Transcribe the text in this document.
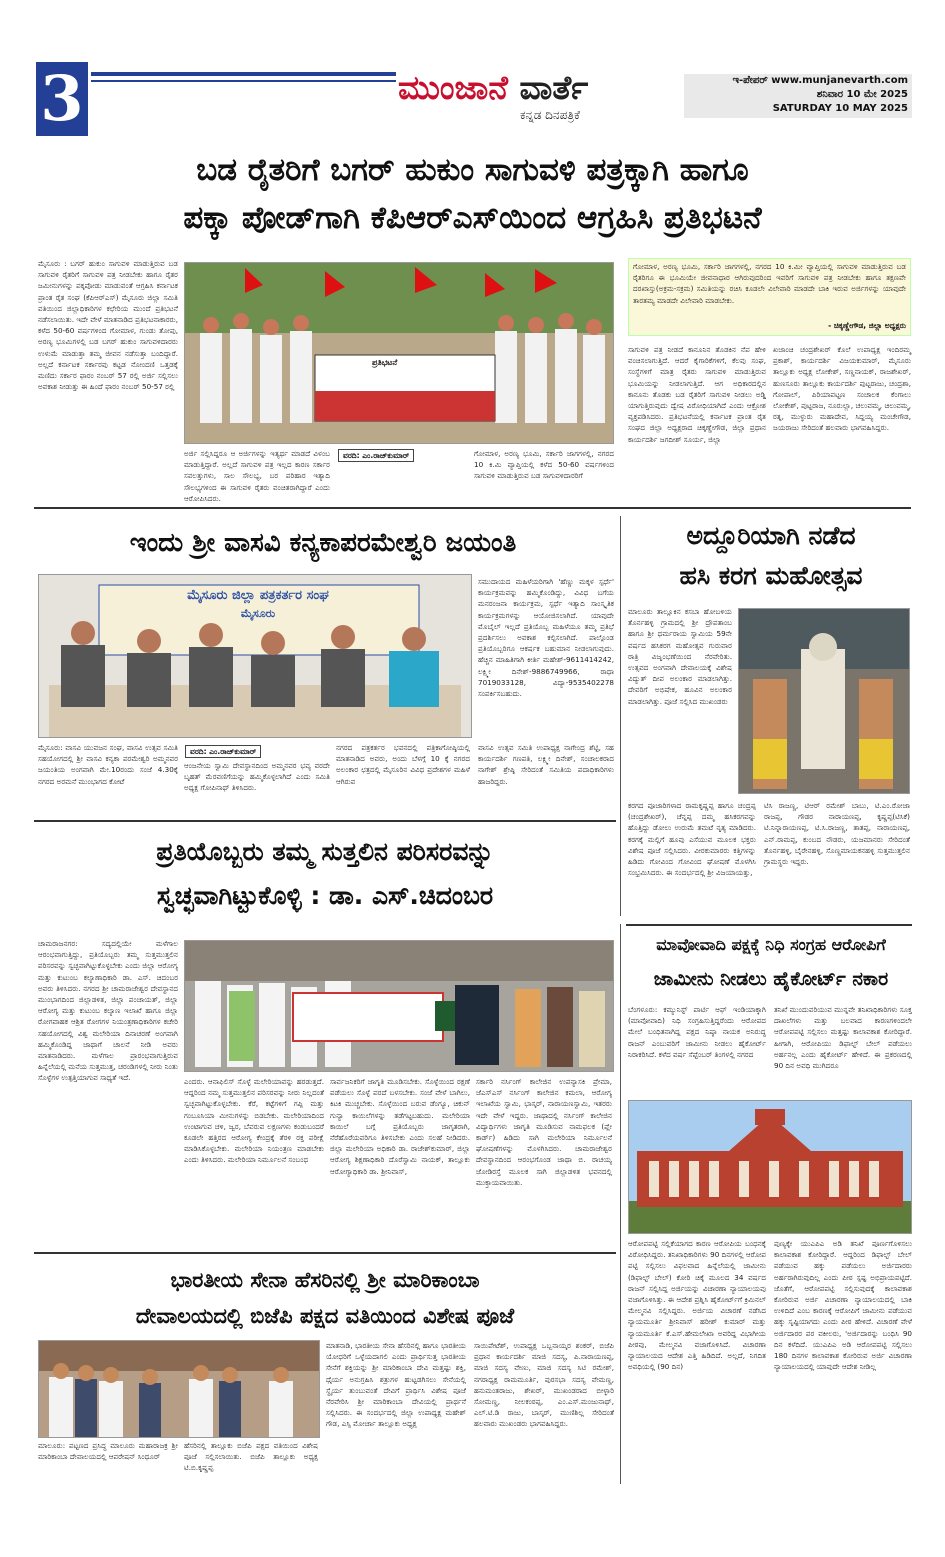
3	ಮುಂಜಾನೆ ವಾರ್ತೆ
ಕನ್ನಡ ದಿನಪತ್ರಿಕೆ
ಇ-ಪೇಪರ್ www.munjanevarth.com
ಶನಿವಾರ 10 ಮೇ 2025
SATURDAY 10 MAY 2025
ಬಡ ರೈತರಿಗೆ ಬಗರ್ ಹುಕುಂ ಸಾಗುವಳಿ ಪತ್ರಕ್ಕಾಗಿ ಹಾಗೂ
ಪಕ್ಕಾ ಪೋಡ್‌ಗಾಗಿ ಕೆಪಿಆರ್‌ಎಸ್‌ಯಿಂದ ಆಗ್ರಹಿಸಿ ಪ್ರತಿಭಟನೆ
ಮೈಸೂರು : ಬಗರ್ ಹುಕುಂ ಸಾಗುವಳಿ ಮಾಡುತ್ತಿರುವ ಬಡ ಸಾಗುವಳಿ ರೈತರಿಗೆ ಸಾಗುವಳಿ ಪತ್ರ ನೀಡಬೇಕು ಹಾಗೂ ರೈತರ ಜಮೀನುಗಳನ್ನು ಪಕ್ಕಪೋಡು ಮಾಡುವಂತೆ ಆಗ್ರಹಿಸಿ ಕರ್ನಾಟಕ ಪ್ರಾಂತ ರೈತ ಸಂಘ (ಕೆಪಿಆರ್‌ಎಸ್) ಮೈಸೂರು ಜಿಲ್ಲಾ ಸಮಿತಿ ವತಿಯಿಂದ ಜಿಲ್ಲಾಧಿಕಾರಿಗಳ ಕಛೇರಿಯ ಮುಂದೆ ಪ್ರತಿಭಟನೆ ನಡೆಸಲಾಯಿತು. ಇದೇ ವೇಳೆ ಮಾತನಾಡಿದ ಪ್ರತಿಭಟನಾಕಾರರು, ಕಳೆದ 50-60 ವರ್ಷಗಳಿಂದ ಗೋಮಾಳ, ಗುಂಡು ತೋಪು, ಅರಣ್ಯ ಭೂಮಿಗಳಲ್ಲಿ ಬಡ ಬಗರ್ ಹುಕುಂ ಸಾಗುವಳಿದಾರರು ಉಳುಮೆ ಮಾಡುತ್ತಾ ತಮ್ಮ ಜೀವನ ನಡೆಸುತ್ತಾ ಬಂದಿದ್ದಾರೆ. ಅಲ್ಲದೆ ಕರ್ನಾಟಕ ಸರ್ಕಾರವು ಕಟ್ಟಡ ನೋಂದಣಿ ಒತ್ತಡಕ್ಕೆ ಮಣಿದು ಸರ್ಕಾರ ಫಾರಂ ನಂಬರ್ 57 ರಲ್ಲಿ ಅರ್ಜಿ ಸಲ್ಲಿಸಲು ಅವಕಾಶ ನೀಡುತ್ತು ಈ ಹಿಂದೆ ಫಾರಂ ನಂಬರ್ 50-57 ರಲ್ಲಿ
ಪ್ರತಿಭಟನೆ
ವರದಿ: ಎಂ.ರಾಜ್‌ಕುಮಾರ್
ಅರ್ಜಿ ಸಲ್ಲಿಸಿದ್ದರೂ ಆ ಅರ್ಜಿಗಳನ್ನು ಇತ್ಯರ್ಥ ಮಾಡದೆ ವಿಳಂಬ ಮಾಡುತ್ತಿದ್ದಾರೆ. ಅಲ್ಲದೆ ಸಾಗುವಳಿ ಪತ್ರ ಇಲ್ಲದ ಕಾರಣ ಸರ್ಕಾರ ಸವಲತ್ತುಗಳು, ಸಾಲ ಸೌಲಭ್ಯ, ಬರ ಪರಿಹಾರ ಇತ್ಯಾದಿ ಸೌಲಭ್ಯಗಳಿಂದ ಈ ಸಾಗುವಳಿ ರೈತರು ವಂಚಿತರಾಗಿದ್ದಾರೆ ಎಂದು ಆರೋಪಿಸಿದರು.
ಗೋಮಾಳ, ಅರಣ್ಯ ಭೂಮಿ, ಸರ್ಕಾರಿ ಜಾಗಗಳಲ್ಲಿ, ನಗರದ 10 ಕಿ.ಮಿ ವ್ಯಾಪ್ತಿಯಲ್ಲಿ ಕಳೆದ 50-60 ವರ್ಷಗಳಿಂದ ಸಾಗುವಳಿ ಮಾಡುತ್ತಿರುವ ಬಡ ಸಾಗುವಳಿದಾರರಿಗೆ
ಗೋಮಾಳ, ಅರಣ್ಯ ಭೂಮಿ, ಸರ್ಕಾರಿ ಜಾಗಗಳಲ್ಲಿ, ನಗರದ 10 ಕಿ.ಮೀ ವ್ಯಾಪ್ತಿಯಲ್ಲಿ ಸಾಗುವಳಿ ಮಾಡುತ್ತಿರುವ ಬಡ ರೈತರಿಗೂ ಈ ಭೂಮಿಯೇ ಜೀವನಾಧಾರ ಆಗಿರುವುದರಿಂದ ಇವರಿಗೆ ಸಾಗುವಳಿ ಪತ್ರ ನೀಡಬೇಕು ಹಾಗೂ ತಕ್ಷಣವೇ ದರಖಾಸ್ತು(ಅಕ್ರಮ-ಸಕ್ರಮ) ಸಮಿತಿಯನ್ನು ರಚಿಸಿ ಕೂಡಲೇ ವಿಲೇವಾರಿ ಮಾಡದೇ ಬಾಕಿ ಇರುವ ಅರ್ಜಿಗಳನ್ನು ಯಾವುದೇ ತಾರತಮ್ಯ ಮಾಡದೇ ವಿಲೇವಾರಿ ಮಾಡಬೇಕು.
- ಚಿಕ್ಕಣ್ಣೇಗೌಡ, ಜಿಲ್ಲಾ ಅಧ್ಯಕ್ಷರು
ಸಾಗುವಳಿ ಪತ್ರ ನೀಡದೆ ಕಾನೂನಿನ ತೊಡಕಿನ ನೆಪ ಹೇಳಿ ವಂಚಿಸಲಾಗುತ್ತಿದೆ. ಆದರೆ ಕೈಗಾರಿಕೆಗಳಿಗೆ, ಕೆಲವು ಸಂಘ, ಸಂಸ್ಥೆಗಳಿಗೆ ಮಾತ್ರ ರೈತರು ಸಾಗುವಳಿ ಮಾಡುತ್ತಿರುವ ಭೂಮಿಯನ್ನು ನೀಡಲಾಗುತ್ತಿದೆ. ಆಗ ಅಧಿಕಾರದಲ್ಲಿನ ಕಾನೂನು ತೊಡಕು ಬಡ ರೈತರಿಗೆ ಸಾಗುವಳಿ ನೀಡಲು ಅಡ್ಡಿ ಯಾಗುತ್ತಿರುವುದು ದ್ವೇಷ ವಿರೋಧಿಯಾಗಿದೆ ಎಂದು ಆಕ್ರೋಶ ವ್ಯಕ್ತಪಡಿಸಿದರು. ಪ್ರತಿಭಟನೆಯಲ್ಲಿ ಕರ್ನಾಟಕ ಪ್ರಾಂತ ರೈತ ಸಂಘದ ಜಿಲ್ಲಾ ಅಧ್ಯಕ್ಷರಾದ ಚಿಕ್ಕಣ್ಣೇಗೌಡ, ಜಿಲ್ಲಾ ಪ್ರಧಾನ ಕಾರ್ಯದರ್ಶಿ ಜಗದೀಶ್ ಸೂರ್ಯ, ಜಿಲ್ಲಾ
ಖಜಾಂಚಿ ಚಂದ್ರಶೇಖರ್ ಕೊಲೆ ಉಪಾಧ್ಯಕ್ಷ ಇಂದಿರಮ್ಮ ಪ್ರಕಾಶ್, ಕಾರ್ಯದರ್ಶಿ ವಿಜಯಕುಮಾರ್, ಮೈಸೂರು ತಾಲ್ಲೂಕು ಅಧ್ಯಕ್ಷ ಲೋಕೇಶ್, ಸಣ್ಣನಾಯಕ್, ರಾಜಶೇಖರ್, ಹುಣಸೂರು ತಾಲ್ಲೂಕು ಕಾರ್ಯದರ್ಶಿ ಪುಟ್ಟರಾಜು, ಚಂದ್ರಶಾ, ಗೋಪಾಲ್, ಪಿರಿಯಾಪಟ್ಟಣ ಸಂಚಾಲಕ ಕೆಂಗಾಲು ಲೋಕೇಶ್, ಪುಟ್ಟರಾಜ, ನೂರುಲ್ಲಾ, ಚಲುವಮ್ಮ, ಚಿಲುವಮ್ಮ, ರತ್ನ, ಮುಳ್ಳುರು ಮಹಾದೇವ, ಸಿದ್ದಯ್ಯ ಮಂಚೇಗೌಡ, ಜಯರಾಜು ಸೇರಿದಂತೆ ಹಲವಾರು ಭಾಗವಹಿಸಿದ್ದರು.
ಇಂದು ಶ್ರೀ ವಾಸವಿ ಕನ್ಯಕಾಪರಮೇಶ್ವರಿ ಜಯಂತಿ
ಮೈಸೂರು ಜಿಲ್ಲಾ ಪತ್ರಕರ್ತರ ಸಂಘ
ಮೈಸೂರು
ವರದಿ: ಎಂ.ರಾಜ್‌ಕುಮಾರ್
ಮೈಸೂರು: ವಾಸವಿ ಯುವಜನ ಸಂಘ, ವಾಸವಿ ಉತ್ಸವ ಸಮಿತಿ ಸಹಯೋಗದಲ್ಲಿ ಶ್ರೀ ವಾಸವಿ ಕನ್ಯಕಾ ಪರಮೇಶ್ವರಿ ಅಮ್ಮನವರ ಜಯಂತಿಯ ಅಂಗವಾಗಿ ಮೇ.10ರಂದು ಸಂಜೆ 4.30ಕ್ಕೆ ನಗರದ ಅರಮನೆ ಮುಂಭಾಗದ ಕೋಟೆ
ಆಂಜನೇಯ ಸ್ವಾಮಿ ದೇವಸ್ಥಾನದಿಂದ ಅಮ್ಮನವರ ಭವ್ಯ ವರದೇ ಬೃಹತ್ ಮೆರವಣಿಗೆಯನ್ನು ಹಮ್ಮಿಕೊಳ್ಳಲಾಗಿದೆ ಎಂದು ಸಮಿತಿ ಅಧ್ಯಕ್ಷ ಗೋಪಿನಾಥ್ ತಿಳಿಸಿದರು.
ನಗರದ ಪತ್ರಕರ್ತರ ಭವನದಲ್ಲಿ ಪತ್ರಿಕಾಗೋಷ್ಠಿಯಲ್ಲಿ ಮಾತನಾಡಿದ ಅವರು, ಅಂದು ಬೆಳಗ್ಗೆ 10 ಕ್ಕೆ ನಗರದ ಅಲಂಕಾರ ಛತ್ರದಲ್ಲಿ ಮೈಸೂರಿನ ವಿವಿಧ ಪ್ರದೇಶಗಳ ಮಹಿಳೆ ಆಗಿರುವ
ಸಮುದಾಯದ ಮಹಿಳೆಯರಿಗಾಗಿ 'ಹೆಣ್ಣು ಮಕ್ಕಳ ಸ್ಪರ್ಧೆ' ಕಾರ್ಯಕ್ರಮವನ್ನು ಹಮ್ಮಿಕೊಂಡಿದ್ದು, ವಿವಿಧ ಬಗೆಯ ಮನರಂಜನಾ ಕಾರ್ಯಕ್ರಮ, ಸ್ಪರ್ಧೆ ಇತ್ಯಾದಿ ಸಾಂಸ್ಕೃತಿಕ ಕಾರ್ಯಕ್ರಮಗಳನ್ನು ಆಯೋಜಿಸಲಾಗಿದೆ. ಯಾವುದೇ ಮೊಬೈಲ್ ಇಲ್ಲದೆ ಪ್ರತಿಯೊಬ್ಬ ಮಹಿಳೆಯೂ ತಮ್ಮ ಪ್ರತಿಭೆ ಪ್ರದರ್ಶಿಸಲು ಅವಕಾಶ ಕಲ್ಪಿಸಲಾಗಿದೆ. ಪಾಲ್ಗೊಂಡ ಪ್ರತಿಯೊಬ್ಬರಿಗೂ ಆಕರ್ಷಕ ಬಹುಮಾನ ನೀಡಲಾಗುವುದು. ಹೆಚ್ಚಿನ ಮಾಹಿತಿಗಾಗಿ ಕೀರ್ತಿ ಮಹೇಶ್-9611414242, ಲಕ್ಷ್ಮೀ ದಿನೇಶ್-9886749966, ರಾಧಾ 7019033128, ವಿದ್ಯಾ-9535402278 ಸಂಪರ್ಕಿಸಬಹುದು.
ವಾಸವಿ ಉತ್ಸವ ಸಮಿತಿ ಉಪಾಧ್ಯಕ್ಷ ನಾಗೇಂದ್ರ ಶೆಟ್ಟಿ, ಸಹ ಕಾರ್ಯದರ್ಶಿ ಗಣಪತಿ, ಲಕ್ಷ್ಮೀ ದಿನೇಶ್, ಸಂಚಾಲಕರಾದ ನಾಗೇಶ್ ಶ್ರೇಷ್ಠಿ ಸೇರಿದಂತೆ ಸಮಿತಿಯ ಪದಾಧಿಕಾರಿಗಳು ಹಾಜರಿದ್ದರು.
ಅದ್ದೂರಿಯಾಗಿ ನಡೆದ
ಹಸಿ ಕರಗ ಮಹೋತ್ಸವ
ಮಾಲೂರು ತಾಲ್ಲೂಕಿನ ಕಸಬಾ ಹೋಬಳಿಯ ತೊರ್ನಹಳ್ಳಿ ಗ್ರಾಮದಲ್ಲಿ ಶ್ರೀ ದ್ರೌಪತಾಂಬ ಹಾಗೂ ಶ್ರೀ ಧರ್ಮರಾಯ ಸ್ವಾಮಿಯ 59ನೇ ವರ್ಷದ ಹಸಿಕರಗ ಮಹೋತ್ಸವ ಗುರುವಾರ ರಾತ್ರಿ ವಿಜೃಂಭಣೆಯಿಂದ ನೆರವೇರಿತು. ಉತ್ಸವದ ಅಂಗವಾಗಿ ದೇವಾಲಯಕ್ಕೆ ವಿಶೇಷ ವಿದ್ಯುತ್ ದೀಪ ಅಲಂಕಾರ ಮಾಡಲಾಗಿತ್ತು. ದೇವರಿಗೆ ಅಭಿಷೇಕ, ಹೂವಿನ ಅಲಂಕಾರ ಮಾಡಲಾಗಿತ್ತು. ಪೂಜೆ ಸಲ್ಲಿಸಿದ ಮುಖಂಡರು
ಕರಗದ ಪೂಜಾರಿಗಳಾದ ರಾಮಕೃಷ್ಣಪ್ಪ ಹಾಗೂ ಚಂದ್ರಪ್ಪ (ಚಂದ್ರಶೇಖರ್), ಚೆನ್ನಪ್ಪ ದಮ್ಮ ಹಸಿಕರಗವನ್ನು ಹೊತ್ತಿದ್ದು ಡೋಲು ಉರುಮೆ ತಮಟೆ ನೃತ್ಯ ಮಾಡಿದರು. ಕರಗಕ್ಕೆ ಮಲ್ಲಿಗೆ ಹೂವು ಎಸೆಯುವ ಮೂಲಕ ಭಕ್ತರು ವಿಶೇಷ ಪೂಜೆ ಸಲ್ಲಿಸಿದರು. ವೀರಕುಮಾರರು ಕತ್ತಿಗಳನ್ನು ಹಿಡಿದು ಗೋವಿಂದ ಗೋವಿಂದ ಘೋಷಣೆ ಮೊಳಗಿಸಿ ಸಂಭ್ರಮಿಸಿದರು. ಈ ಸಂದರ್ಭದಲ್ಲಿ ಶ್ರೀ ವಿಜಯಾಯತ್ತು,
ಟಿಸಿ ರಾಜಣ್ಣ, ಟಿಆರ್ ರಮೇಶ್ ಬಾಬು, ಟಿ.ಎಂ.ರೋಜಾ ರಾಜಪ್ಪ, ಗೌಡರ ನಾರಾಯಣಪ್ಪ, ಕೃಷ್ಣಪ್ಪ(ಟಿಸಿಕೆ) ಟಿ.ನಿನ್ನಾರಾಯಣಪ್ಪ, ಟಿ.ಸಿ.ರಾಜಣ್ಣ, ತಾತಪ್ಪ, ನಾರಾಯಣಪ್ಪ, ಎನ್.ರಾಮಪ್ಪ, ಕುಂಬದ ನೌಡರು, ಯಜಮಾನರು ಸೇರಿದಂತೆ ತೊರ್ನಹಳ್ಳಿ, ಬೈರೇನಹಳ್ಳಿ, ಸೊಣ್ಣಮಾಯಕನಹಳ್ಳಿ ಸುತ್ತಮುತ್ತಲಿನ ಗ್ರಾಮಸ್ಥರು ಇದ್ದರು.
ಪ್ರತಿಯೊಬ್ಬರು ತಮ್ಮ ಸುತ್ತಲಿನ ಪರಿಸರವನ್ನು
ಸ್ವಚ್ಛವಾಗಿಟ್ಟುಕೊಳ್ಳಿ : ಡಾ. ಎಸ್.ಚಿದಂಬರ
ಚಾಮರಾಜನಗರ: ಸದ್ಯದಲ್ಲಿಯೇ ಮಳೆಗಾಲ ಆರಂಭವಾಗುತ್ತಿದ್ದು, ಪ್ರತಿಯೊಬ್ಬರು ತಮ್ಮ ಸುತ್ತಮುತ್ತಲಿನ ಪರಿಸರವನ್ನು ಸ್ವಚ್ಛವಾಗಿಟ್ಟುಕೊಳ್ಳಬೇಕು ಎಂದು ಜಿಲ್ಲಾ ಆರೋಗ್ಯ ಮತ್ತು ಕುಟುಂಬ ಕಲ್ಯಾಣಾಧಿಕಾರಿ ಡಾ. ಎಸ್. ಚಿದಂಬರ ಅವರು ತಿಳಿಸಿದರು. ನಗರದ ಶ್ರೀ ಚಾಮರಾಜೇಶ್ವರ ದೇವಸ್ಥಾನದ ಮುಂಭಾಗದಿಂದ ಜಿಲ್ಲಾಡಳಿತ, ಜಿಲ್ಲಾ ಪಂಚಾಯತ್, ಜಿಲ್ಲಾ ಆರೋಗ್ಯ ಮತ್ತು ಕುಟುಂಬ ಕಲ್ಯಾಣ ಇಲಾಖೆ ಹಾಗೂ ಜಿಲ್ಲಾ ರೋಗವಾಹಕ ಆಶ್ರಿತ ರೋಗಗಳ ನಿಯಂತ್ರಣಾಧಿಕಾರಿಗಳ ಕಚೇರಿ ಸಹಯೋಗದಲ್ಲಿ ವಿಶ್ವ ಮಲೇರಿಯಾ ದಿನಾಚರಣೆ ಅಂಗವಾಗಿ ಹಮ್ಮಿಕೊಂಡಿದ್ದ ಜಾಥಾಗೆ ಚಾಲನೆ ನೀಡಿ ಅವರು ಮಾತನಾಡಿದರು. ಮಳೆಗಾಲ ಪ್ರಾರಂಭವಾಗುತ್ತಿರುವ ಹಿನ್ನೆಲೆಯಲ್ಲಿ ಮನೆಯ ಸುತ್ತಮುತ್ತ, ಚರಂಡಿಗಳಲ್ಲಿ ನೀರು ನಿಂತು ಸೊಳ್ಳೆಗಳ ಉತ್ಪತ್ತಿಯಾಗುವ ಸಾಧ್ಯತೆ ಇದೆ.	ಎಂದರು. ಆನಾಫಿಲಿಸ್ ಸೊಳ್ಳೆ ಮಲೇರಿಯಾವನ್ನು ಹರಡುತ್ತದೆ. ಆದ್ದರಿಂದ ನಮ್ಮ ಸುತ್ತಮುತ್ತಲಿನ ಪರಿಸರವನ್ನು ನೀರು ನಿಲ್ಲದಂತೆ ಸ್ವಚ್ಛವಾಗಿಟ್ಟುಕೊಳ್ಳಬೇಕು. ಕೆರೆ, ಕಟ್ಟೆಗಳಿಗೆ ಗಪ್ಪಿ ಮತ್ತು ಗಂಬೂಸಿಯಾ ಮೀನುಗಳನ್ನು ಬಿಡಬೇಕು. ಮಲೇರಿಯಾದಿಂದ ಉಂಟಾಗುವ ಚಳಿ, ಜ್ವರ, ಬೆವರುವ ಲಕ್ಷಣಗಳು ಕಂಡುಬಂದರೆ ಕೂಡಲೇ ಹತ್ತಿರದ ಆರೋಗ್ಯ ಕೇಂದ್ರಕ್ಕೆ ತೆರಳಿ ರಕ್ತ ಪರೀಕ್ಷೆ ಮಾಡಿಸಿಕೊಳ್ಳಬೇಕು. ಮಲೇರಿಯಾ ನಿಯಂತ್ರಣ ಮಾಡಬೇಕು ಎಂದು ತಿಳಿಸಿದರು. ಮಲೇರಿಯಾ ನಿರ್ಮೂಲನೆ ಸಂಬಂಧ
ಸಾರ್ವಜನಿಕರಿಗೆ ಜಾಗೃತಿ ಮೂಡಿಸಬೇಕು. ಸೊಳ್ಳೆಯಿಂದ ರಕ್ಷಣೆ ಪಡೆಯಲು ಸೊಳ್ಳೆ ಪರದೆ ಬಳಸಬೇಕು. ಸಂಜೆ ವೇಳೆ ಬಾಗಿಲು, ಕಿಟಕಿ ಮುಚ್ಚಬೇಕು. ಸೊಳ್ಳೆಯಿಂದ ಬರುವ ಡೆಂಗ್ಯೂ, ಚಿಕುನ್ ಗುನ್ಯಾ ಕಾಯಿಲೆಗಳನ್ನು ತಡೆಗಟ್ಟಬಹುದು. ಮಲೇರಿಯಾ ಕಾಯಿಲೆ ಬಗ್ಗೆ ಪ್ರತಿಯೊಬ್ಬರು ಜಾಗೃತರಾಗಿ, ನೆರೆಹೊರೆಯವರಿಗೂ ತಿಳಿಸಬೇಕು ಎಂದು ಸಲಹೆ ನೀಡಿದರು. ಜಿಲ್ಲಾ ಮಲೇರಿಯಾ ಅಧಿಕಾರಿ ಡಾ. ರಾಜೇಶ್‌ಕುಮಾರ್, ಜಿಲ್ಲಾ ಆರೋಗ್ಯ ಶಿಕ್ಷಣಾಧಿಕಾರಿ ದೊರೆಸ್ವಾಮಿ ನಾಯಕ್, ತಾಲ್ಲೂಕು ಆರೋಗ್ಯಾಧಿಕಾರಿ ಡಾ. ಶ್ರೀನಿವಾಸ್,
ಸರ್ಕಾರಿ ನರ್ಸಿಂಗ್ ಕಾಲೇಜಿನ ಉಪನ್ಯಾಸಕಿ ಪ್ರೇಮಾ, ಜೆಎಸ್‌ಎಸ್ ನರ್ಸಿಂಗ್ ಕಾಲೇಜಿನ ಕಮಲಾ, ಆರೋಗ್ಯ ಇಲಾಖೆಯ ಸ್ವಾಮಿ, ಭಾಸ್ಕರ್, ನಾರಾಯಣಸ್ವಾಮಿ, ಇತರರು ಇದೇ ವೇಳೆ ಇದ್ದರು. ಜಾಥಾದಲ್ಲಿ ನರ್ಸಿಂಗ್ ಕಾಲೇಜಿನ ವಿದ್ಯಾರ್ಥಿಗಳು ಜಾಗೃತಿ ಮೂಡಿಸುವ ನಾಮಫಲಕ (ಪ್ಲೇ ಕಾರ್ಡ್) ಹಿಡಿದು ಸಾಗಿ ಮಲೇರಿಯಾ ನಿರ್ಮೂಲನೆ ಘೋಷಣೆಗಳನ್ನು ಮೊಳಗಿಸಿದರು. ಚಾಮರಾಜೇಶ್ವರ ದೇವಸ್ಥಾನದಿಂದ ಆರಂಭಗೊಂಡ ಜಾಥಾ ಬಿ. ರಾಚಯ್ಯ ಜೋಡಿರಸ್ತೆ ಮೂಲಕ ಸಾಗಿ ಜಿಲ್ಲಾಡಳಿತ ಭವನದಲ್ಲಿ ಮುಕ್ತಾಯವಾಯಿತು.
ಮಾವೋವಾದಿ ಪಕ್ಷಕ್ಕೆ ನಿಧಿ ಸಂಗ್ರಹ ಆರೋಪಿಗೆ
ಜಾಮೀನು ನೀಡಲು ಹೈಕೋರ್ಟ್ ನಕಾರ
ಬೆಂಗಳೂರು: ಕಮ್ಯುನಿಸ್ಟ್ ಪಾರ್ಟಿ ಆಫ್ ಇಂಡಿಯಾಕ್ಕಾಗಿ (ಮಾವೋವಾದಿ) ನಿಧಿ ಸಂಗ್ರಹಿಸುತ್ತಿದ್ದರೆಂದು ಆರೋಪದ ಮೇಲೆ ಬಂಧಿತನಾಗಿದ್ದ ಪಕ್ಷದ ನಿಷ್ಠಾ ನಾಯಕ ಅನಿರುದ್ಧ ರಾಜನ್ ಎಂಬುವರಿಗೆ ಜಾಮೀನು ನೀಡಲು ಹೈಕೋರ್ಟ್ ನಿರಾಕರಿಸಿದೆ. ಕಳೆದ ವರ್ಷ ಸೆಪ್ಟೆಂಬರ್ ತಿಂಗಳಲ್ಲಿ ನಗರದ
ತನಿಖೆ ಮುಂದುವರಿಯುವ ಮುನ್ನವೇ ತನಿಖಾಧಿಕಾರಿಗಳು ಸೂಕ್ತ ದಾಖಲೆಗಳು ಮತ್ತು ಬಲವಾದ ಕಾರಣಗಳಿಂದಲೇ ಆರೋಪಪಟ್ಟಿ ಸಲ್ಲಿಸಲು ಮತ್ತಷ್ಟು ಕಾಲಾವಕಾಶ ಕೋರಿದ್ದಾರೆ. ಹೀಗಾಗಿ, ಆರೋಪಿಯು ಡಿಫಾಲ್ಟ್ ಬೇಲ್ ಪಡೆಯಲು ಅರ್ಹನಲ್ಲ ಎಂದು ಹೈಕೋರ್ಟ್ ಹೇಳಿದೆ. ಈ ಪ್ರಕರಣದಲ್ಲಿ 90 ದಿನ ಅವಧಿ ಮುಗಿದರೂ
ಆರೋಪಪಟ್ಟಿ ಸಲ್ಲಿಕೆಯಾಗದ ಕಾರಣ ಆರೋಪಿಯ ಬಂಧನಕ್ಕೆ ವಿರೋಧಿಸಿದ್ದರು. ತನಿಖಾಧಿಕಾರಿಗಳು 90 ದಿನಗಳಲ್ಲಿ ಆರೋಪ ಪಟ್ಟಿ ಸಲ್ಲಿಸಲು ವಿಫಲವಾದ ಹಿನ್ನೆಲೆಯಲ್ಲಿ ಜಾಮೀನು (ಡಿಫಾಲ್ಟ್ ಬೇಲ್) ಕೋರಿ ಚಿಕ್ಕೆ ಮೂಲದ 34 ವರ್ಷದ ರಾಜನ್ ಸಲ್ಲಿಸಿದ್ದ ಅರ್ಜಿಯನ್ನು ವಿಚಾರಣಾ ನ್ಯಾಯಾಲಯವು ವಜಾಗೊಳಿಸಿತ್ತು. ಈ ಆದೇಶ ಪ್ರಶ್ನಿಸಿ ಹೈಕೋರ್ಟ್‌ಗೆ ಕ್ರಿಮಿನಲ್ ಮೇಲ್ಮನವಿ ಸಲ್ಲಿಸಿದ್ದರು. ಅರ್ಜಿಯ ವಿಚಾರಣೆ ನಡೆಸಿದ ನ್ಯಾಯಮೂರ್ತಿ ಶ್ರೀನಿವಾಸ್ ಹರೀಶ್ ಕುಮಾರ್ ಮತ್ತು ನ್ಯಾಯಮೂರ್ತಿ ಕೆ.ಎಸ್.ಹೇಮಲೇಖಾ ಅವರಿದ್ದ ವಿಭಾಗೀಯ ಪೀಠವು, ಮೇಲ್ಮನವಿ ವಜಾಗೊಳಿಸಿದೆ. ವಿಚಾರಣಾ ನ್ಯಾಯಾಲಯದ ಆದೇಶ ಎತ್ತಿ ಹಿಡಿದಿದೆ. ಅಲ್ಲದೆ, ನಿಗದಿತ ಅವಧಿಯಲ್ಲಿ (90 ದಿನ)
ಪುಣ್ಯಕ್ಕೇ ಯುಎಪಿಎ ಅಡಿ ತನಿಖೆ ಪೂರ್ಣಗೊಳಿಸಲು ಕಾಲಾವಕಾಶ ಕೋರಿದ್ದಾರೆ. ಆದ್ದರಿಂದ ಡಿಫಾಲ್ಟ್ ಬೇಲ್ ಪಡೆಯುವ ಹಕ್ಕು ಪಡೆಯಲು ಅರ್ಜಿದಾರರು ಅರ್ಹರಾಗಿರುವುದಿಲ್ಲ ಎಂದು ಪೀಠ ಸ್ಪಷ್ಟ ಅಭಿಪ್ರಾಯಪಟ್ಟಿದೆ. ಜೊತೆಗೆ, ಆರೋಪಪಟ್ಟಿ ಸಲ್ಲಿಸುವುದಕ್ಕೆ ಕಾಲಾವಕಾಶ ಕೋರಿರುವ ಅರ್ಜಿ ವಿಚಾರಣಾ ನ್ಯಾಯಾಲಯದಲ್ಲಿ ಬಾಕಿ ಉಳಿದಿದೆ ಎಂಬ ಕಾರಣಕ್ಕೆ ಆರೋಪಿಗೆ ಜಾಮೀನು ಪಡೆಯುವ ಹಕ್ಕು ಸೃಷ್ಟಿಯಾಗದು ಎಂದು ಪೀಠ ಹೇಳಿದೆ. ವಿಚಾರಣೆ ವೇಳೆ ಅರ್ಜಿದಾರರ ಪರ ವಕೀಲರು, 'ಅರ್ಜಿದಾರನ್ನು ಬಂಧಿಸಿ 90 ದಿನ ಕಳೆದಿದೆ. ಯುಎಪಿಎ ಅಡಿ ಆರೋಪಪಟ್ಟಿ ಸಲ್ಲಿಸಲು 180 ದಿನಗಳ ಕಾಲಾವಕಾಶ ಕೋರಿರುವ ಅರ್ಜಿ ವಿಚಾರಣಾ ನ್ಯಾಯಾಲಯದಲ್ಲಿ ಯಾವುದೇ ಆದೇಶ ನೀಡಿಲ್ಲ
ಭಾರತೀಯ ಸೇನಾ ಹೆಸರಿನಲ್ಲಿ ಶ್ರೀ ಮಾರಿಕಾಂಬಾ
ದೇವಾಲಯದಲ್ಲಿ ಬಿಜೆಪಿ ಪಕ್ಷದ ವತಿಯಿಂದ ವಿಶೇಷ ಪೂಜೆ
ಮಾಲೂರು: ಪಟ್ಟಣದ ಪ್ರಸಿದ್ಧ ಮಾಲೂರು ಮಹಾರಾಜ‌ಕ್ರ ಶ್ರೀ ಮಾರಿಕಾಂಬಾ ದೇವಾಲಯದಲ್ಲಿ ಆಪರೇಷನ್ ಸಿಂಧೂರ್
ಹೆಸರಿನಲ್ಲಿ ತಾಲ್ಲೂಕು ಬಿಜೆಪಿ ಪಕ್ಷದ ವತಿಯಿಂದ ವಿಶೇಷ ಪೂಜೆ ಸಲ್ಲಿಸಲಾಯಿತು. ಬಿಜೆಪಿ ತಾಲ್ಲೂಕು ಅಧ್ಯಕ್ಷ ಟಿ.ಬಿ.ಕೃಷ್ಣಪ್ಪ
ಮಾತನಾಡಿ, ಭಾರತೀಯ ಸೇನಾ ಹೆಸರಿನಲ್ಲಿ ಹಾಗೂ ಭಾರತೀಯ ಯೋಧರಿಗೆ ಒಳ್ಳೆಯದಾಗಲಿ ಎಂದು ಪ್ರಾರ್ಥಿಸುತ್ತ ಭಾರತೀಯ ಸೇನೆಗೆ ಶಕ್ತಿಯನ್ನು ಶ್ರೀ ಮಾರಿಕಾಂಬಾ ದೇವಿ ಮತ್ತಷ್ಟು ಶಕ್ತಿ, ಧೈರ್ಯ ಅನುಗ್ರಹಿಸಿ ಶತ್ರುಗಳ ಹುಟ್ಟಡಗಿಸಲು ಸೇನೆಯಲ್ಲಿ ಸ್ಥೈರ್ಯ ತುಂಬುವಂತೆ ದೇವಿಗೆ ಪ್ರಾರ್ಥಿಸಿ ವಿಶೇಷ ಪೂಜೆ ನೆರವೇರಿಸಿ ಶ್ರೀ ಮಾರಿಕಾಂಬಾ ದೇವಿಯಲ್ಲಿ ಪ್ರಾರ್ಥನೆ ಸಲ್ಲಿಸಿದರು. ಈ ಸಂದರ್ಭದಲ್ಲಿ ಜಿಲ್ಲಾ ಉಪಾಧ್ಯಕ್ಷ ಮಹೇಶ್ ಗೌಡ, ಎಸ್ಸಿ ಮೋರ್ಚಾ ತಾಲ್ಲೂಕು ಅಧ್ಯಕ್ಷ
ಸಾಯಿಪೇಟೆಶ್, ಉಪಾಧ್ಯಕ್ಷ ಒಬ್ಬನಾಯ್ಕರ ಶಂಕರ್, ಬಿಜೆಪಿ ಪ್ರಧಾನ ಕಾರ್ಯದರ್ಶಿ ಮಾಜಿ ಸದಸ್ಯ, ಪಿ.ನಾರಾಯಣಪ್ಪ, ಮಾಜಿ ಸದಸ್ಯ ವೇಣು, ಮಾಜಿ ಸದಸ್ಯ ಸಿಟಿ ರಮೇಶ್, ನಗರಾಧ್ಯಕ್ಷ ರಾಮಮೂರ್ತಿ, ಪುರಸಭಾ ಸದಸ್ಯ ವೇಮಣ್ಣ, ಹನುಮಂತರಾಜು, ಶೇಖರ್, ಮುಖಂಡರಾದ ಬೀಳ್ಳಾರಿ ಸೋಮಣ್ಣ, ನೀಲಕಂಠಪ್ಪ, ಎಂ.ಎಸ್.ಮಂಜುನಾಥ್, ಎಲ್.ಟಿ.ಡಿ ರಾಜು, ಬಾಸ್ಕರ್, ಮುಣಿಶಿಲ್ಲ ಸೇರಿದಂತೆ ಹಲವಾರು ಮುಖಂಡರು ಭಾಗವಹಿಸಿದ್ದರು.
